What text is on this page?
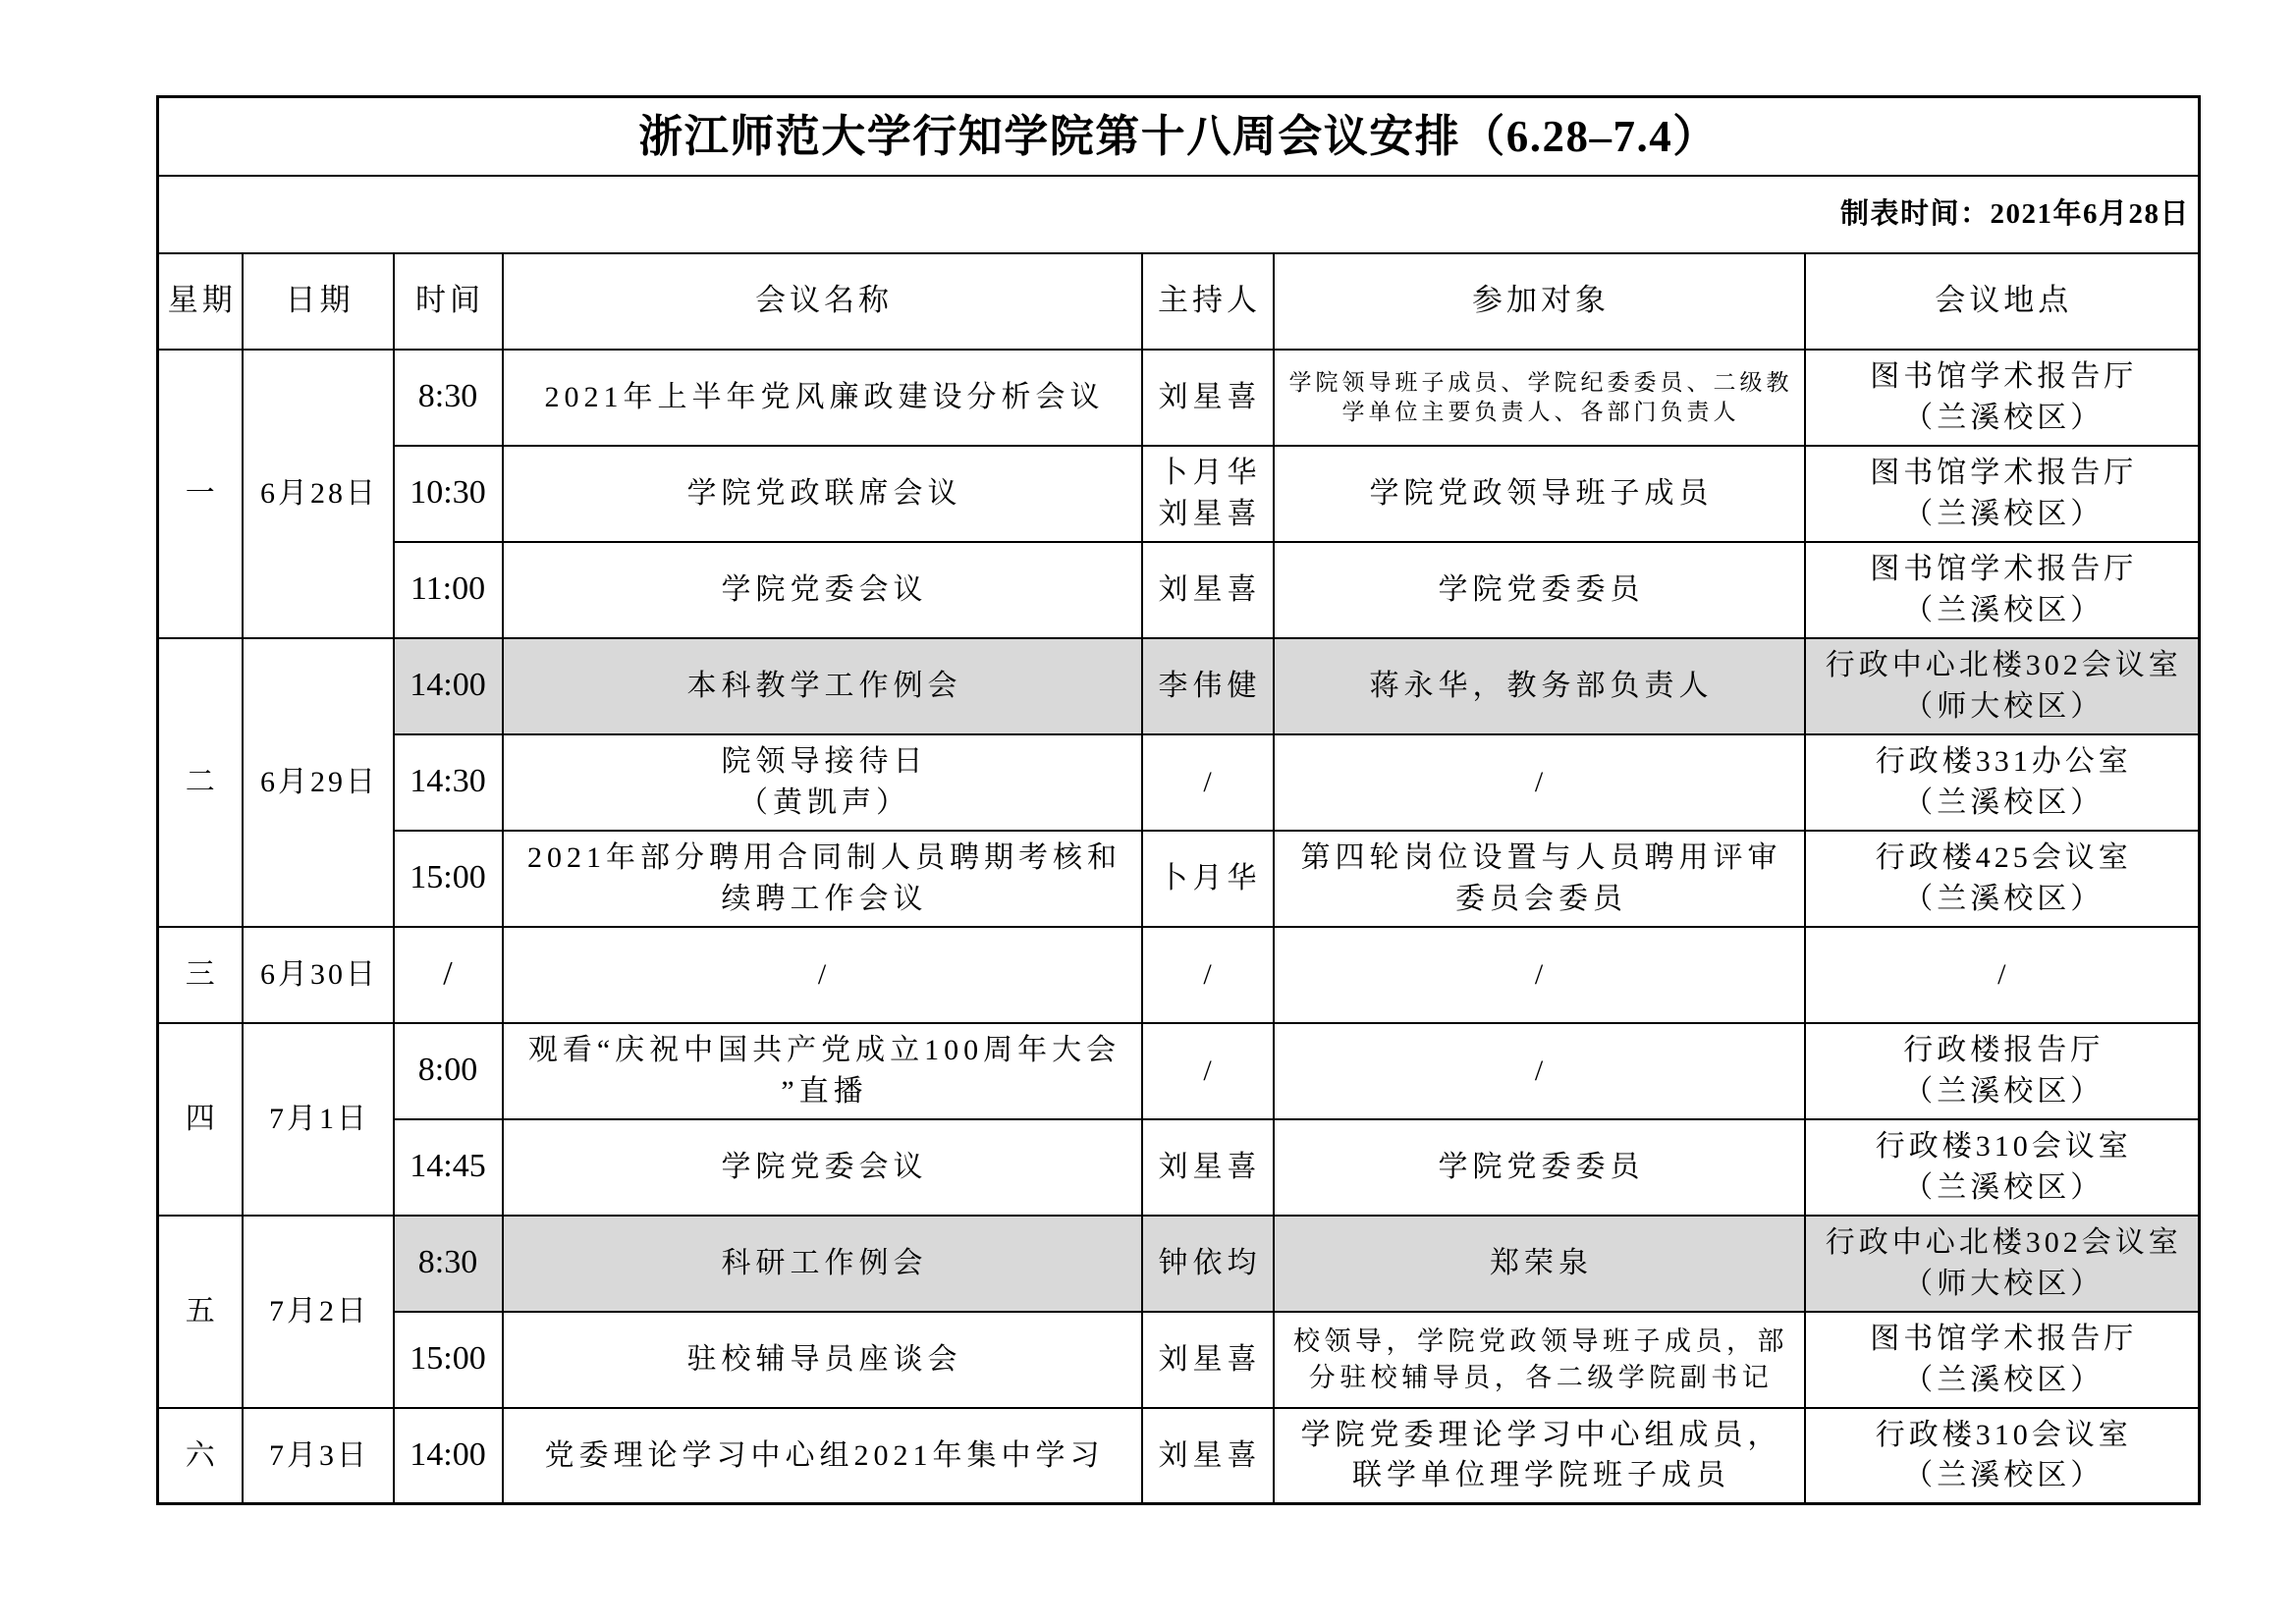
浙江师范大学行知学院第十八周会议安排（6.28–7.4）						
制表时间：2021年6月28日						
星期	日期	时间	会议名称	主持人	参加对象	会议地点
一	6月28日	8:30	2021年上半年党风廉政建设分析会议	刘星喜	学院领导班子成员、学院纪委委员、二级教学单位主要负责人、各部门负责人	图书馆学术报告厅
（兰溪校区）

		10:30	学院党政联席会议	卜月华
刘星喜	学院党政领导班子成员	图书馆学术报告厅
（兰溪校区）

		11:00	学院党委会议	刘星喜	学院党委委员	图书馆学术报告厅
（兰溪校区）

二	6月29日	14:00	本科教学工作例会	李伟健	蒋永华，教务部负责人	行政中心北楼302会议室
（师大校区）

		14:30	院领导接待日
（黄凯声）	/	/	行政楼331办公室
（兰溪校区）

		15:00	2021年部分聘用合同制人员聘期考核和续聘工作会议	卜月华	第四轮岗位设置与人员聘用评审委员会委员	行政楼425会议室
（兰溪校区）

三	6月30日	/	/	/	/	/

四	7月1日	8:00	观看“庆祝中国共产党成立100周年大会”直播	/	/	行政楼报告厅
（兰溪校区）

		14:45	学院党委会议	刘星喜	学院党委委员	行政楼310会议室
（兰溪校区）

五	7月2日	8:30	科研工作例会	钟依均	郑荣泉	行政中心北楼302会议室
（师大校区）

		15:00	驻校辅导员座谈会	刘星喜	校领导，学院党政领导班子成员，部分驻校辅导员，各二级学院副书记	图书馆学术报告厅
（兰溪校区）

六	7月3日	14:00	党委理论学习中心组2021年集中学习	刘星喜	学院党委理论学习中心组成员，
联学单位理学院班子成员	行政楼310会议室
（兰溪校区）
